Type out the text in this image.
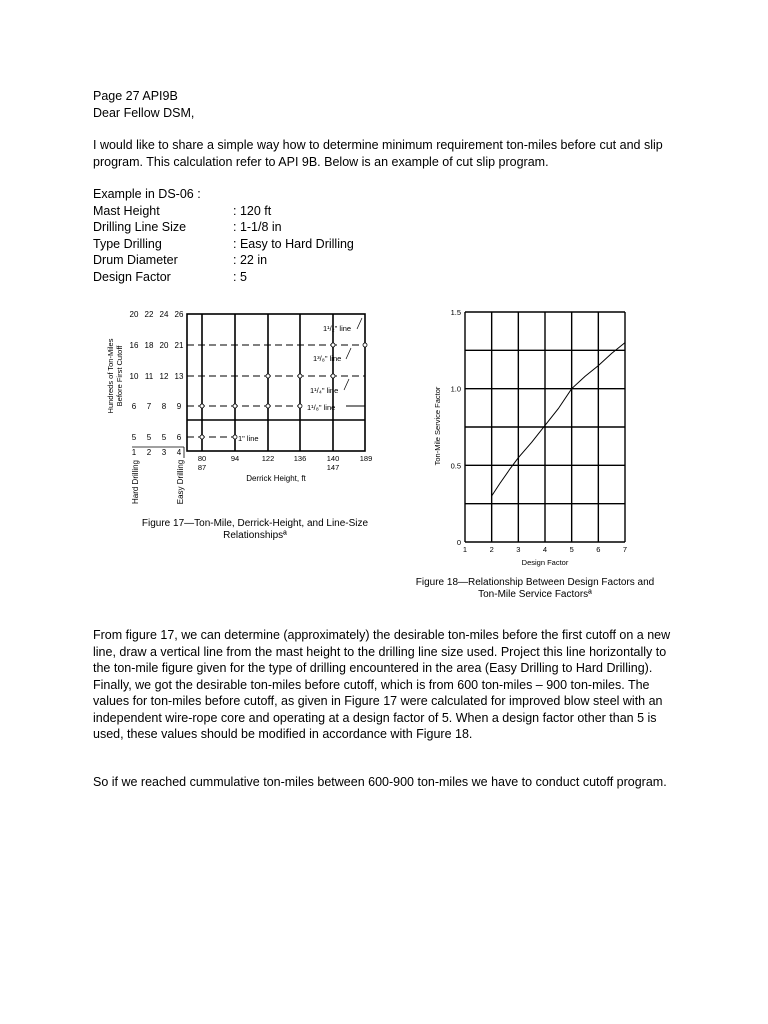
Page 27 API9B
Dear Fellow DSM,
I would like to share a simple way how to determine minimum requirement ton-miles before cut and slip program. This calculation refer to API 9B. Below is an example of cut slip program.
Example in DS-06 :
Mast Height	: 120 ft
Drilling Line Size	: 1-1/8 in
Type Drilling	: Easy to Hard Drilling
Drum Diameter	: 22 in
Design Factor	: 5
Hundreds of Ton-Miles Before First Cutoff
20 22 24 26
16 18 20 21
10 11 12 13
6 7 8 9
5 5 5 6
1 2 3 4
Hard Drilling	Easy Drilling
1¹/₂" line
1³/₈" line
1¹/₄" line
1¹/₈" line
1" line
80
87
94	122	136	140
147
189
Derrick Height, ft
Figure 17—Ton-Mile, Derrick-Height, and Line-Size
Relationshipsª
Ton-Mile Service Factor
0
0.5
1.0
1.5
1	2	3	4	5	6	7
Design Factor
Figure 18—Relationship Between Design Factors and
Ton-Mile Service Factorsª
From figure 17, we can determine (approximately) the desirable ton-miles before the first cutoff on a new line, draw a vertical line from the mast height to the drilling line size used. Project this line horizontally to the ton-mile figure given for the type of drilling encountered in the area (Easy Drilling to Hard Drilling). Finally, we got the desirable ton-miles before cutoff, which is from 600 ton-miles – 900 ton-miles. The values for ton-miles before cutoff, as given in Figure 17 were calculated for improved blow steel with an independent wire-rope core and operating at a design factor of 5. When a design factor other than 5 is used, these values should be modified in accordance with Figure 18.
So if we reached cummulative ton-miles between 600-900 ton-miles we have to conduct cutoff program.
